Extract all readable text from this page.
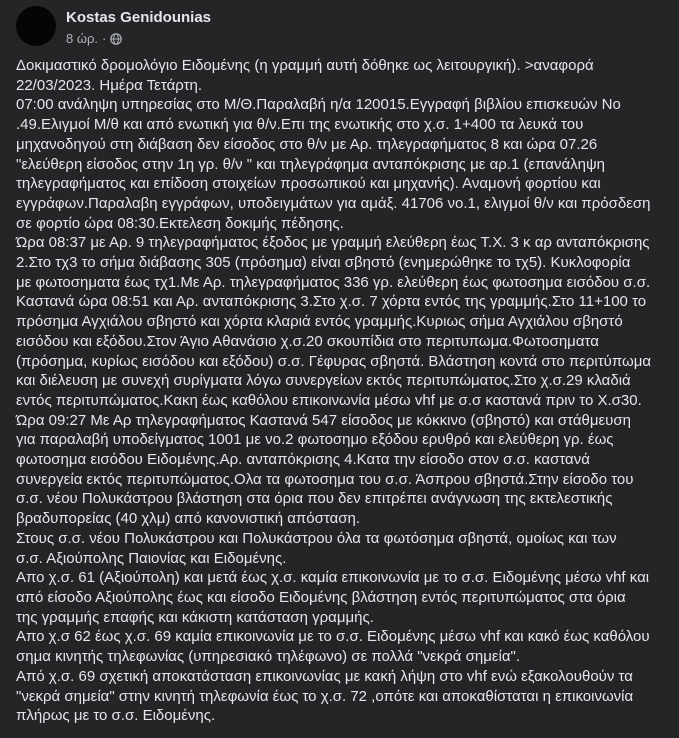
Kostas Genidounias
8 ώρ. ·

Δοκιμαστικό δρομολόγιο Ειδομένης (η γραμμή αυτή δόθηκε ως λειτουργική). >αναφορά

22/03/2023. Ημέρα Τετάρτη.

07:00 ανάληψη υπηρεσίας στο Μ/Θ.Παραλαβή η/α 120015.Εγγραφή βιβλίου επισκευών Νο

.49.Ελιγμοί Μ/θ και από ενωτική για θ/ν.Επι της ενωτικής στο χ.σ. 1+400 τα λευκά του

μηχανοδηγού στη διάβαση δεν είσοδος στο θ/ν με Αρ. τηλεγραφήματος 8 και ώρα 07.26

"ελεύθερη είσοδος στην 1η γρ. θ/ν " και τηλεγράφημα ανταπόκρισης με αρ.1 (επανάληψη

τηλεγραφήματος και επίδοση στοιχείων προσωπικού και μηχανής). Αναμονή φορτίου και

εγγράφων.Παραλαβη εγγράφων, υποδειγμάτων για αμάξ. 41706 νο.1, ελιγμοί θ/ν και πρόσδεση

σε φορτίο ώρα 08:30.Εκτελεση δοκιμής πέδησης.

Ώρα 08:37 με Αρ. 9 τηλεγραφήματος έξοδος με γραμμή ελεύθερη έως Τ.Χ. 3 κ αρ ανταπόκρισης

2.Στο τχ3 το σήμα διάβασης 305 (πρόσημα) είναι σβηστό (ενημερώθηκε το τχ5). Κυκλοφορία

με φωτοσηματα έως τχ1.Με Αρ. τηλεγραφήματος 336 γρ. ελεύθερη έως φωτοσημα εισόδου σ.σ.

Καστανά ώρα 08:51 και Αρ. ανταπόκρισης 3.Στο χ.σ. 7 χόρτα εντός της γραμμής.Στο 11+100 το

πρόσημα Αγχιάλου σβηστό και χόρτα κλαριά εντός γραμμής.Κυριως σήμα Αγχιάλου σβηστό

εισόδου και εξόδου.Στον Άγιο Αθανάσιο χ.σ.20 σκουπίδια στο περιτυπωμα.Φωτοσηματα

(πρόσημα, κυρίως εισόδου και εξόδου) σ.σ. Γέφυρας σβηστά. Βλάστηση κοντά στο περιτύπωμα

και διέλευση με συνεχή συρίγματα λόγω συνεργείων εκτός περιτυπώματος.Στο χ.σ.29 κλαδιά

εντός περιτυπώματος.Κακη έως καθόλου επικοινωνία μέσω vhf με σ.σ καστανά πριν το Χ.σ30.

Ώρα 09:27 Με Αρ τηλεγραφήματος Καστανά 547 είσοδος με κόκκινο (σβηστό) και στάθμευση

για παραλαβή υποδείγματος 1001 με νο.2 φωτοσημο εξόδου ερυθρό και ελεύθερη γρ. έως

φωτοσημα εισόδου Ειδομένης.Αρ. ανταπόκρισης 4.Κατα την είσοδο στον σ.σ. καστανά

συνεργεία εκτός περιτυπώματος.Ολα τα φωτοσημα του σ.σ. Άσπρου σβηστά.Στην είσοδο του

σ.σ. νέου Πολυκάστρου βλάστηση στα όρια που δεν επιτρέπει ανάγνωση της εκτελεστικής

βραδυπορείας (40 χλμ) από κανονιστική απόσταση.

Στους σ.σ. νέου Πολυκάστρου και Πολυκάστρου όλα τα φωτόσημα σβηστά, ομοίως και των

σ.σ. Αξιούπολης Παιονίας και Ειδομένης.

Απο χ.σ. 61 (Αξιούπολη) και μετά έως χ.σ. καμία επικοινωνία με το σ.σ. Ειδομένης μέσω vhf και

από είσοδο Αξιούπολης έως και είσοδο Ειδομένης βλάστηση εντός περιτυπώματος στα όρια

της γραμμής επαφής και κάκιστη κατάσταση γραμμής.

Απο χ.σ 62 έως χ.σ. 69 καμία επικοινωνία με το σ.σ. Ειδομένης μέσω vhf και κακό έως καθόλου

σημα κινητής τηλεφωνίας (υπηρεσιακό τηλέφωνο) σε πολλά "νεκρά σημεία".

Από χ.σ. 69 σχετική αποκατάσταση επικοινωνίας με κακή λήψη στο vhf ενώ εξακολουθούν τα

"νεκρά σημεία" στην κινητή τηλεφωνία έως το χ.σ. 72 ,οπότε και αποκαθίσταται η επικοινωνία

πλήρως με το σ.σ. Ειδομένης.
